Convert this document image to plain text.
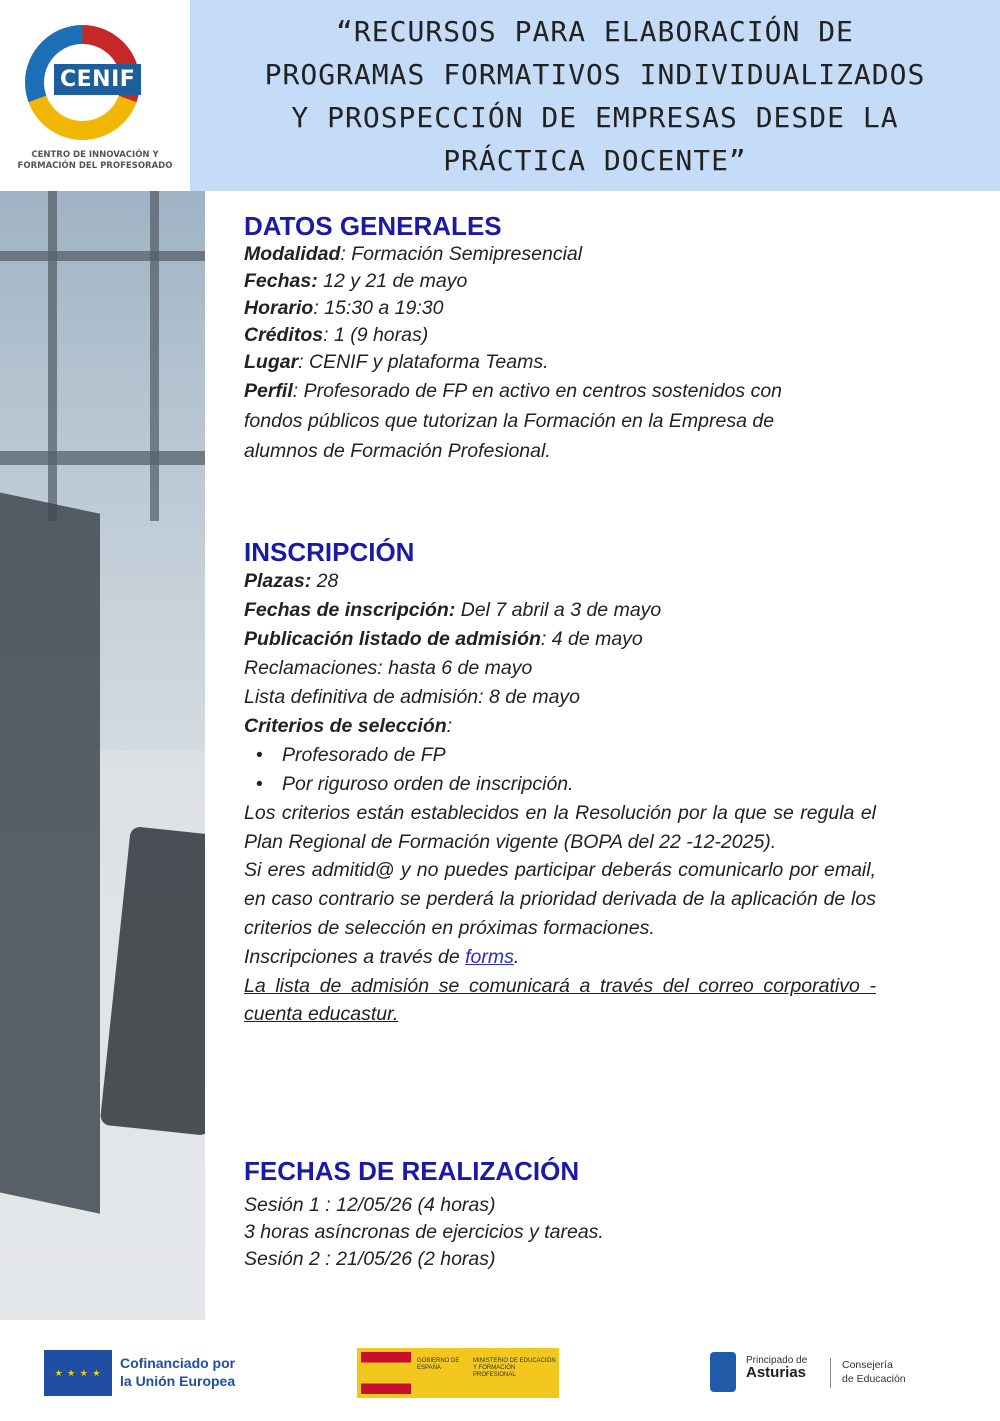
CENIF
CENTRO DE INNOVACIÓN Y
FORMACIÓN DEL PROFESORADO
“RECURSOS PARA ELABORACIÓN DE
PROGRAMAS FORMATIVOS INDIVIDUALIZADOS
Y PROSPECCIÓN DE EMPRESAS DESDE LA
PRÁCTICA DOCENTE”
DATOS GENERALES
Modalidad: Formación Semipresencial
Fechas: 12 y 21 de mayo
Horario: 15:30 a 19:30
Créditos: 1 (9 horas)
Lugar: CENIF y plataforma Teams.
Perfil: Profesorado de FP en activo en centros sostenidos con
fondos públicos que tutorizan la Formación en la Empresa de
alumnos de Formación Profesional.
INSCRIPCIÓN
Plazas: 28
Fechas de inscripción: Del 7 abril a 3 de mayo
Publicación listado de admisión: 4 de mayo
Reclamaciones: hasta 6 de mayo
Lista definitiva de admisión: 8 de mayo
Criterios de selección:
• Profesorado de FP
• Por riguroso orden de inscripción.
Los criterios están establecidos en la Resolución por la que se regula el Plan Regional de Formación vigente (BOPA del 22 -12-2025).
Si eres admitid@ y no puedes participar deberás comunicarlo por email, en caso contrario se perderá la prioridad derivada de la aplicación de los criterios de selección en próximas formaciones.
Inscripciones a través de forms.
La lista de admisión se comunicará a través del correo corporativo - cuenta educastur.
FECHAS DE REALIZACIÓN
Sesión 1 : 12/05/26 (4 horas)
3 horas asíncronas de ejercicios y tareas.
Sesión 2 : 21/05/26 (2 horas)
★ ★ ★ ★
Cofinanciado por
la Unión Europea
GOBIERNO DE ESPAÑA
MINISTERIO DE EDUCACIÓN Y FORMACIÓN PROFESIONAL
Principado de
Asturias	Consejería
de Educación
